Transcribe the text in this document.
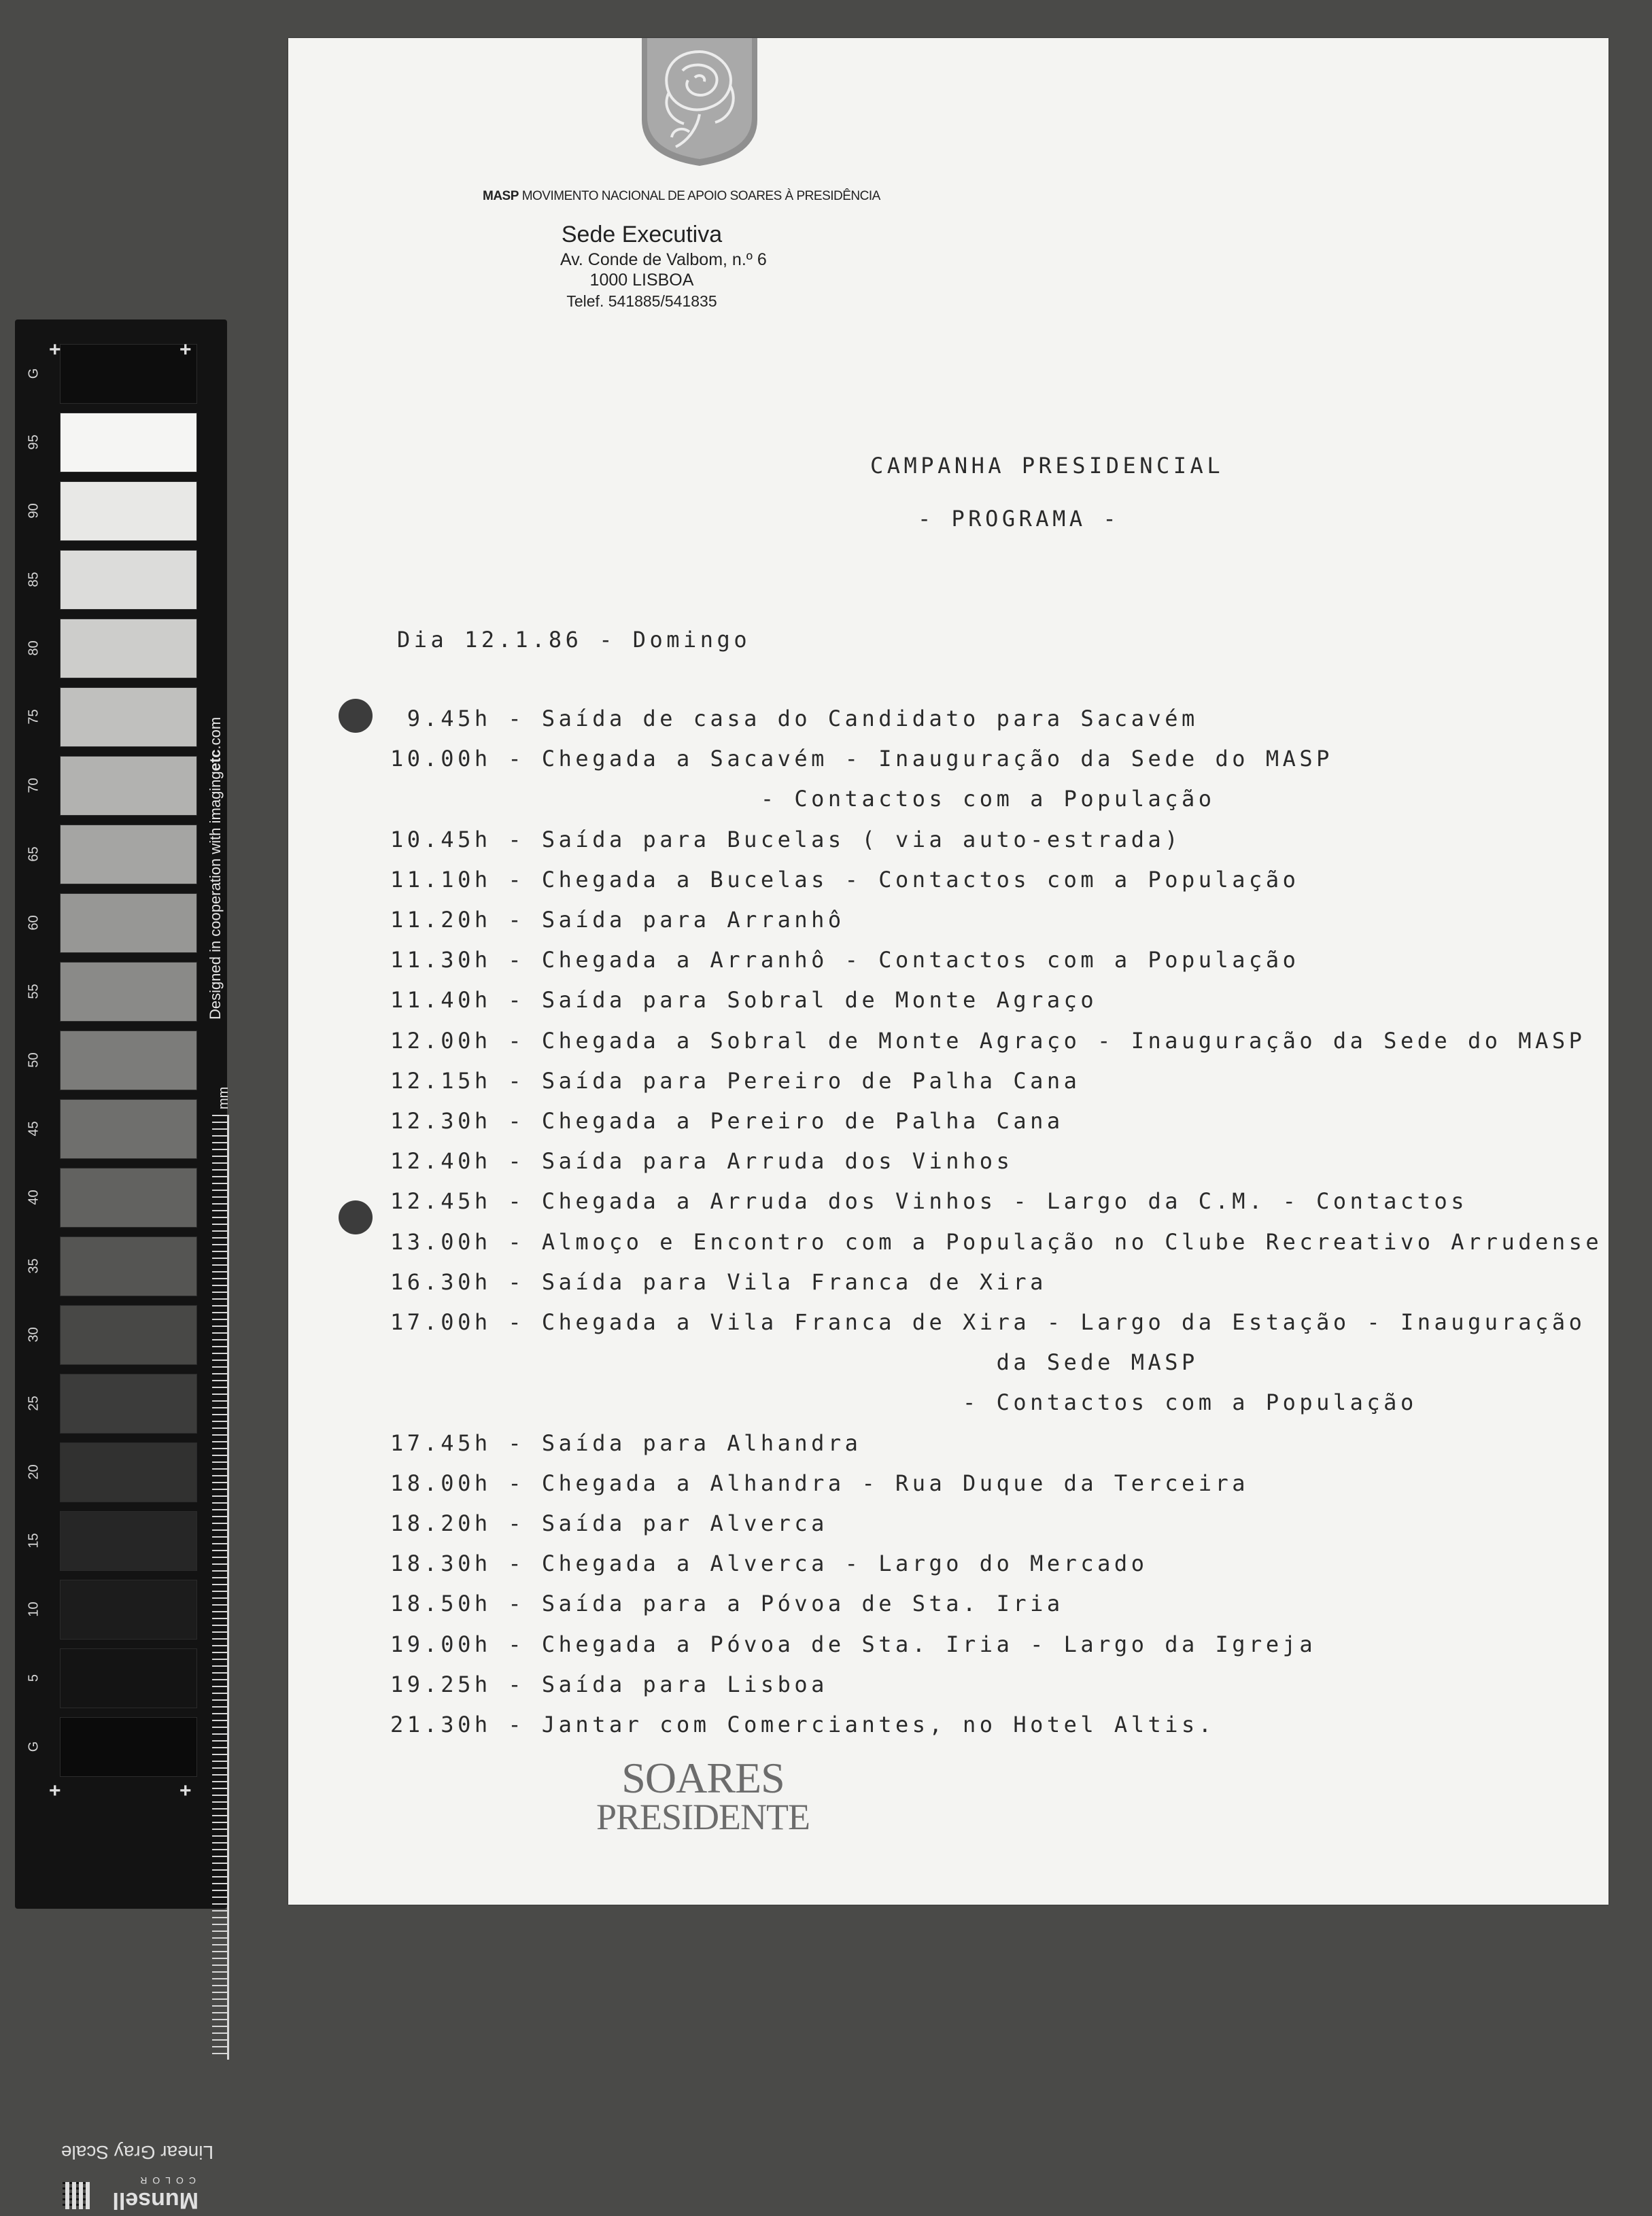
G
95
90
85
80
75
70
65
60
55
50
45
40
35
30
25
20
15
10
5
G
+	+
+	+
Designed in cooperation with imagingetc.com
mm
Linear Gray Scale
Munsell
COLOR
MASP MOVIMENTO NACIONAL DE APOIO SOARES À PRESIDÊNCIA
Sede Executiva
Av. Conde de Valbom, n.º 6
1000 LISBOA
Telef. 541885/541835
CAMPANHA PRESIDENCIAL
- PROGRAMA -
Dia 12.1.86 - Domingo
9.45h - Saída de casa do Candidato para Sacavém
10.00h - Chegada a Sacavém - Inauguração da Sede do MASP
- Contactos com a População
10.45h - Saída para Bucelas ( via auto-estrada)
11.10h - Chegada a Bucelas - Contactos com a População
11.20h - Saída para Arranhô
11.30h - Chegada a Arranhô - Contactos com a População
11.40h - Saída para Sobral de Monte Agraço
12.00h - Chegada a Sobral de Monte Agraço - Inauguração da Sede do MASP
12.15h - Saída para Pereiro de Palha Cana
12.30h - Chegada a Pereiro de Palha Cana
12.40h - Saída para Arruda dos Vinhos
12.45h - Chegada a Arruda dos Vinhos - Largo da C.M. - Contactos
13.00h - Almoço e Encontro com a População no Clube Recreativo Arrudense
16.30h - Saída para Vila Franca de Xira
17.00h - Chegada a Vila Franca de Xira - Largo da Estação - Inauguração
da Sede MASP
- Contactos com a População
17.45h - Saída para Alhandra
18.00h - Chegada a Alhandra - Rua Duque da Terceira
18.20h - Saída par Alverca
18.30h - Chegada a Alverca - Largo do Mercado
18.50h - Saída para a Póvoa de Sta. Iria
19.00h - Chegada a Póvoa de Sta. Iria - Largo da Igreja
19.25h - Saída para Lisboa
21.30h - Jantar com Comerciantes, no Hotel Altis.
SOARES
PRESIDENTE
